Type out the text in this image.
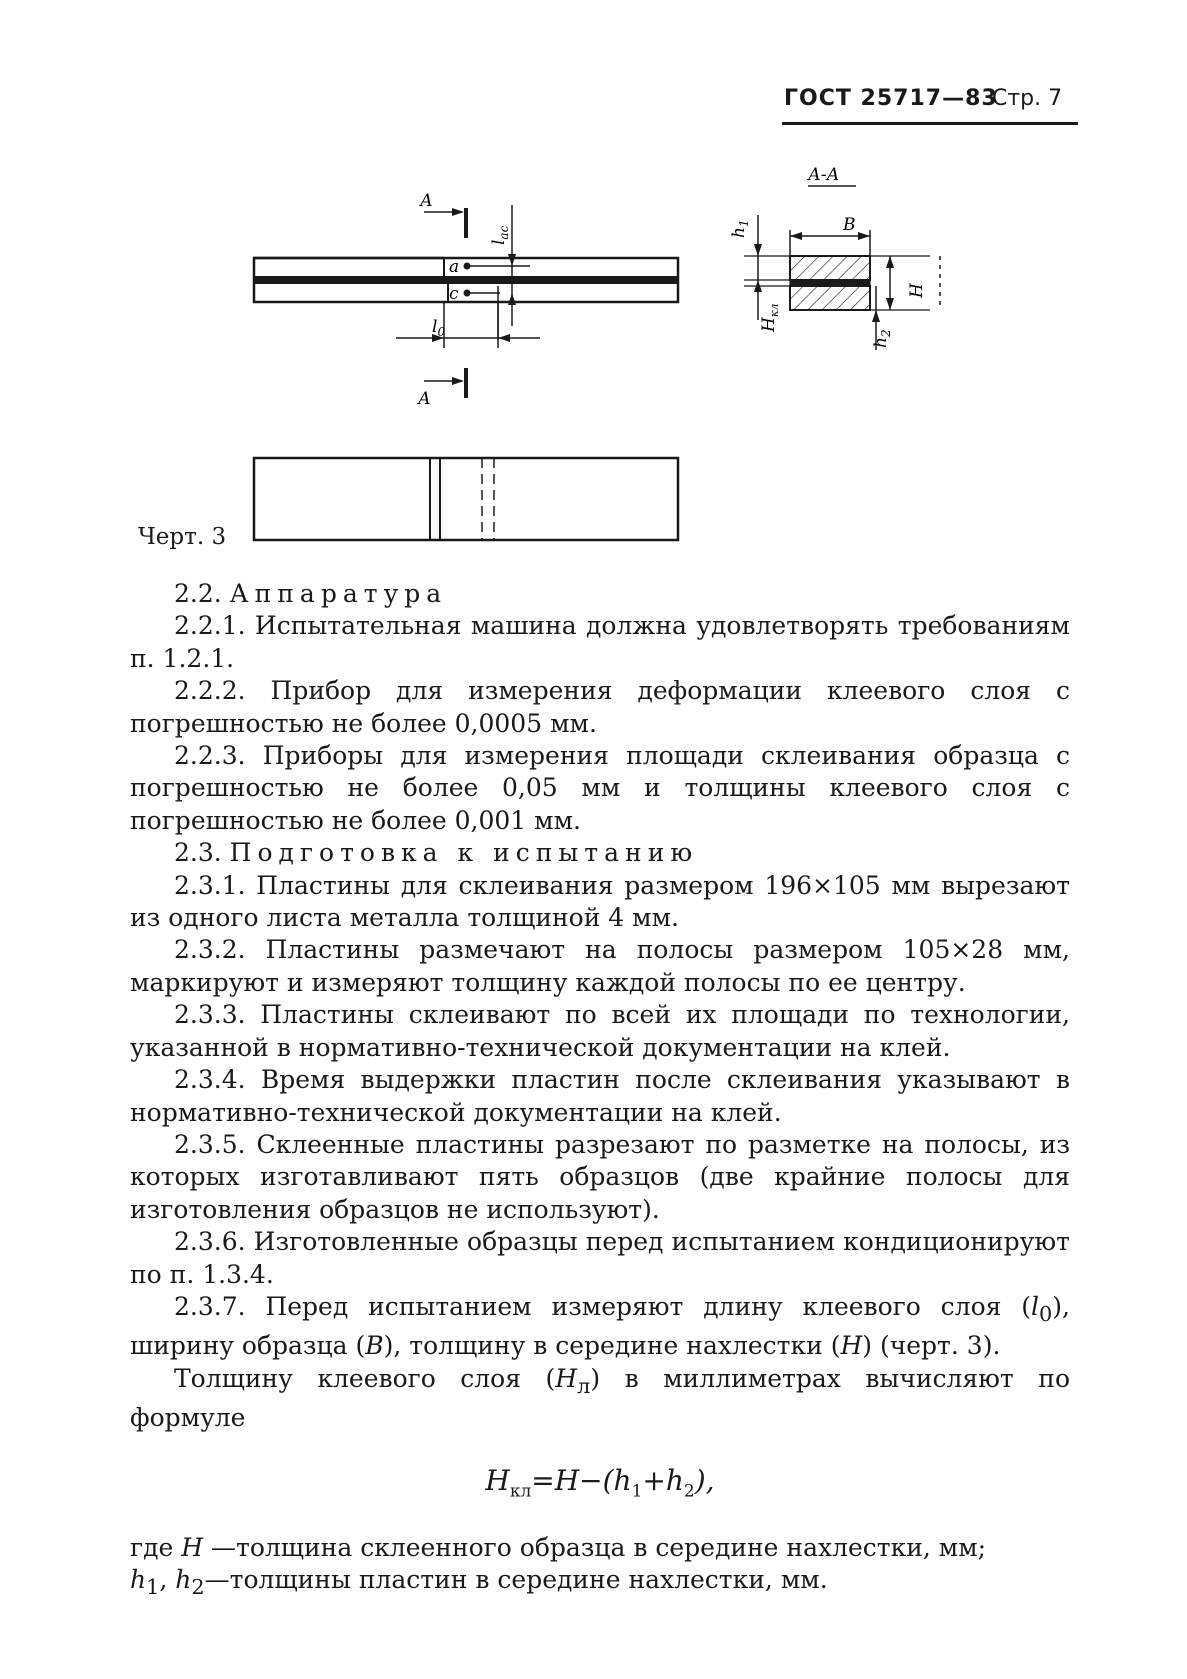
ГОСТ 25717—83
Стр. 7
А
А
$l_{ac}$
a
c
$l_0$
А-А
B
$h_1$
$H_{кл}$
H
$h_2$
Черт. 3

2.2. Аппаратура

2.2.1. Испытательная машина должна удовлетворять требованиям п. 1.2.1.

2.2.2. Прибор для измерения деформации клеевого слоя с погрешностью не более 0,0005 мм.

2.2.3. Приборы для измерения площади склеивания образца с погрешностью не более 0,05 мм и толщины клеевого слоя с погрешностью не более 0,001 мм.

2.3. Подготовка к испытанию

2.3.1. Пластины для склеивания размером 196×105 мм вырезают из одного листа металла толщиной 4 мм.

2.3.2. Пластины размечают на полосы размером 105×28 мм, маркируют и измеряют толщину каждой полосы по ее центру.

2.3.3. Пластины склеивают по всей их площади по технологии, указанной в нормативно-технической документации на клей.

2.3.4. Время выдержки пластин после склеивания указывают в нормативно-технической документации на клей.

2.3.5. Склеенные пластины разрезают по разметке на полосы, из которых изготавливают пять образцов (две крайние полосы для изготовления образцов не используют).

2.3.6. Изготовленные образцы перед испытанием кондиционируют по п. 1.3.4.

2.3.7. Перед испытанием измеряют длину клеевого слоя $(l_0)$, ширину образца (B), толщину в середине нахлестки (H) (черт. 3).

Толщину клеевого слоя $(H_л)$ в миллиметрах вычисляют по формуле

$H_{кл}=H-(h_1+h_2)$,

где H —толщина склеенного образца в середине нахлестки, мм;

$h_1$, $h_2—толщины$ пластин в середине нахлестки, мм.
